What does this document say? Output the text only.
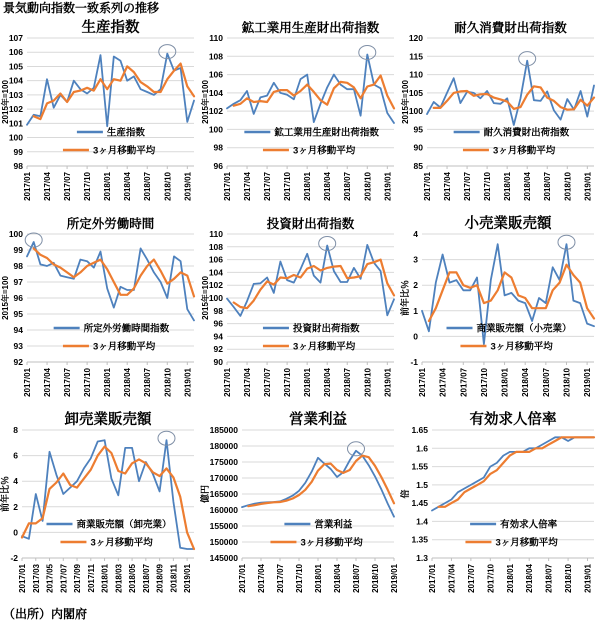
景気動向指数一致系列の推移
生産指数
98
99
100
101
102
103
104
105
106
107
2017/01 2017/04 2017/07 2017/10 2018/01 2018/04 2018/07 2018/10 2019/01
2015年=100
生産指数
3ヶ月移動平均
鉱工業用生産財出荷指数
96
98
100
102
104
106
108
110
2017/01 2017/04 2017/07 2017/10 2018/01 2018/04 2018/07 2018/10 2019/01
2015年=100
鉱工業用生産財出荷指数
3ヶ月移動平均
耐久消費財出荷指数
85
90
95
100
105
110
115
120
2017/01 2017/04 2017/07 2017/10 2018/01 2018/04 2018/07 2018/10 2019/01
2015年=100
耐久消費財出荷指数
3ヶ月移動平均
所定外労働時間
92
93
94
95
96
97
98
99
100
2017/01 2017/04 2017/07 2017/10 2018/01 2018/04 2018/07 2018/10 2019/01
2015年=100
所定外労働時間指数
3ヶ月移動平均
投資財出荷指数
90
92
94
96
98
100
102
104
106
108
110
2017/01 2017/04 2017/07 2017/10 2018/01 2018/04 2018/07 2018/10 2019/01
2015年=100
投資財出荷指数
3ヶ月移動平均
小売業販売額
-1
0
1
2
3
4
2017/01 2017/04 2017/07 2017/10 2018/01 2018/04 2018/07 2018/10 2019/01
前年比％
商業販売額（小売業）
3ヶ月移動平均
卸売業販売額
-2
0
2
4
6
8
2017/01 2017/03 2017/05 2017/07 2017/09 2017/11 2018/01 2018/03 2018/05 2018/07 2018/09 2018/11 2019/01
前年比％
商業販売額（卸売業）
3ヶ月移動平均
営業利益
145000
150000
155000
160000
165000
170000
175000
180000
185000
2017/01 2017/04 2017/07 2017/10 2018/01 2018/04 2018/07 2018/10 2019/01
億円
営業利益
3ヶ月移動平均
有効求人倍率
1.3
1.35
1.4
1.45
1.5
1.55
1.6
1.65
2017/01 2017/04 2017/07 2017/10 2018/01 2018/04 2018/07 2018/10 2019/01
倍
有効求人倍率
3ヶ月移動平均
（出所）内閣府
